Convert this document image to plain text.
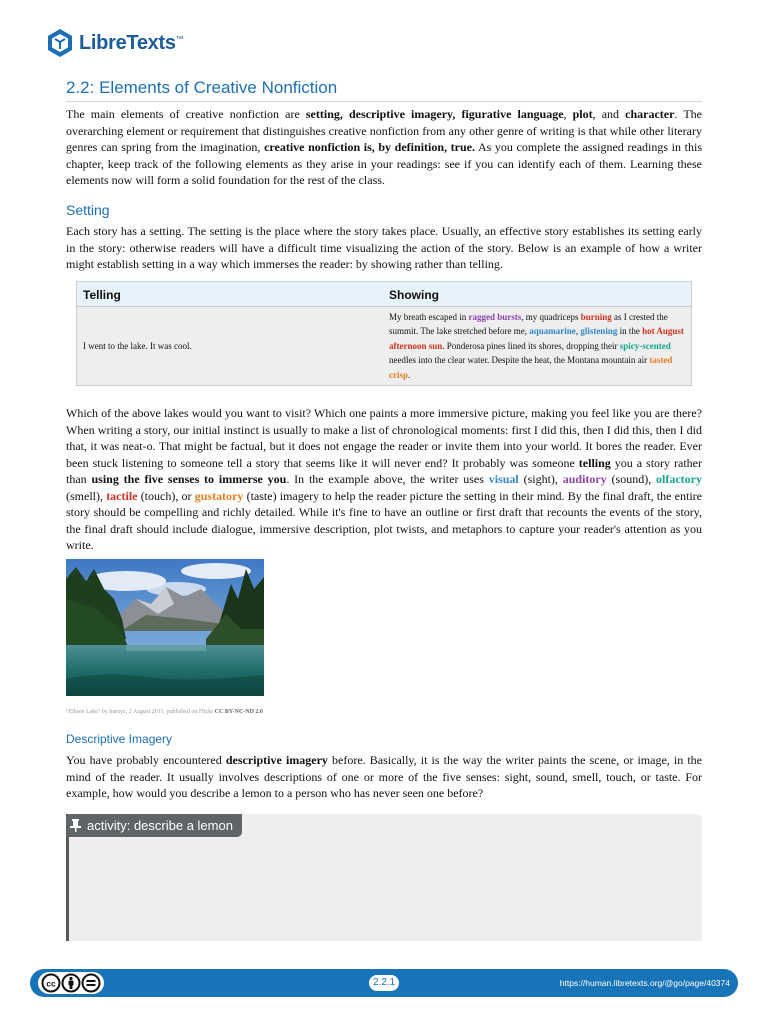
LibreTexts™
2.2: Elements of Creative Nonfiction

The main elements of creative nonfiction are setting, descriptive imagery, figurative language, plot, and character. The overarching element or requirement that distinguishes creative nonfiction from any other genre of writing is that while other literary genres can spring from the imagination, creative nonfiction is, by definition, true. As you complete the assigned readings in this chapter, keep track of the following elements as they arise in your readings: see if you can identify each of them. Learning these elements now will form a solid foundation for the rest of the class.

Setting

Each story has a setting. The setting is the place where the story takes place. Usually, an effective story establishes its setting early in the story: otherwise readers will have a difficult time visualizing the action of the story. Below is an example of how a writer might establish setting in a way which immerses the reader: by showing rather than telling.

Telling	Showing
I went to the lake. It was cool.	My breath escaped in ragged bursts, my quadriceps burning as I crested the summit. The lake stretched before me, aquamarine, glistening in the hot August afternoon sun. Ponderosa pines lined its shores, dropping their spicy-scented needles into the clear water. Despite the heat, the Montana mountain air tasted crisp.

Which of the above lakes would you want to visit? Which one paints a more immersive picture, making you feel like you are there? When writing a story, our initial instinct is usually to make a list of chronological moments: first I did this, then I did this, then I did that, it was neat-o. That might be factual, but it does not engage the reader or invite them into your world. It bores the reader. Ever been stuck listening to someone tell a story that seems like it will never end? It probably was someone telling you a story rather than using the five senses to immerse you. In the example above, the writer uses visual (sight), auditory (sound), olfactory (smell), tactile (touch), or gustatory (taste) imagery to help the reader picture the setting in their mind. By the final draft, the entire story should be compelling and richly detailed. While it's fine to have an outline or first draft that recounts the events of the story, the final draft should include dialogue, immersive description, plot twists, and metaphors to capture your reader's attention as you write.

"Eibsee Lake" by barnyz, 2 August 2011, published on Flickr CC BY-NC-ND 2.0
Descriptive Imagery

You have probably encountered descriptive imagery before. Basically, it is the way the writer paints the scene, or image, in the mind of the reader. It usually involves descriptions of one or more of the five senses: sight, sound, smell, touch, or taste. For example, how would you describe a lemon to a person who has never seen one before?

activity: describe a lemon
cc	2.2.1	https://human.libretexts.org/@go/page/40374
